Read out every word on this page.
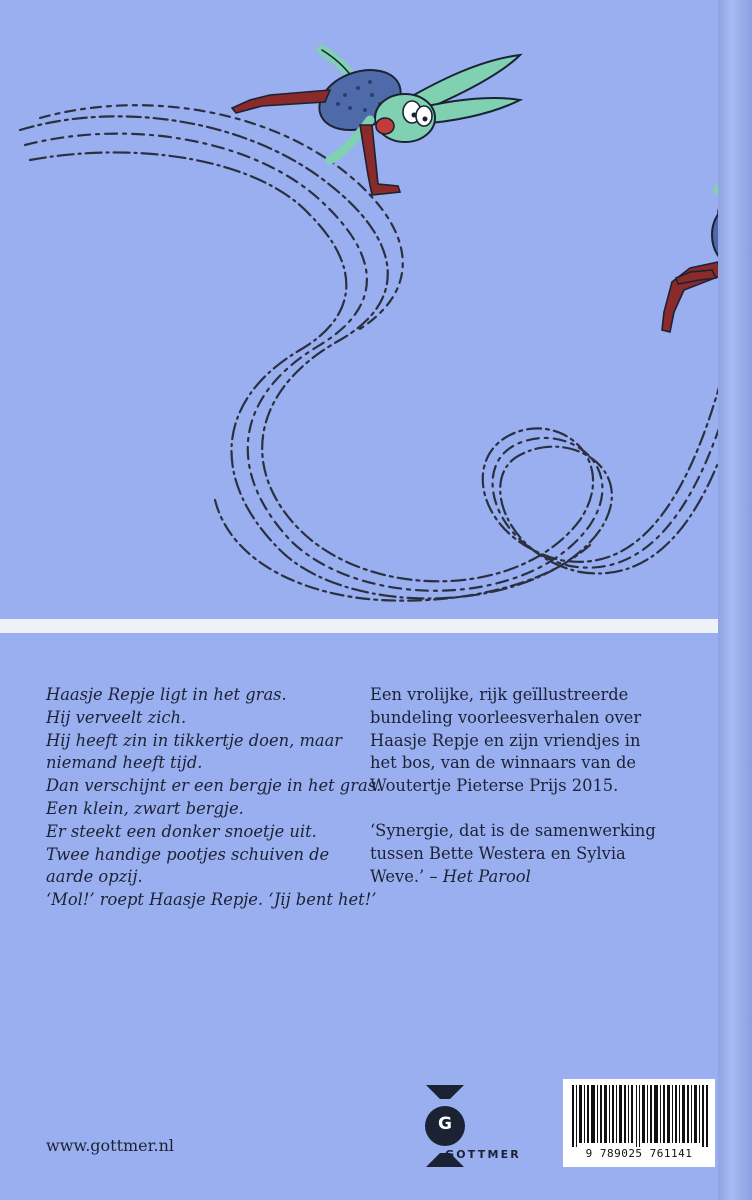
Haasje Repje ligt in het gras.
Hij verveelt zich.
Hij heeft zin in tikkertje doen, maar
niemand heeft tijd.
Dan verschijnt er een bergje in het gras.
Een klein, zwart bergje.
Er steekt een donker snoetje uit.
Twee handige pootjes schuiven de
aarde opzij.
‘Mol!’ roept Haasje Repje. ‘Jij bent het!’
Een vrolijke, rijk geïllustreerde
bundeling voorleesverhalen over
Haasje Repje en zijn vriendjes in
het bos, van de winnaars van de
Woutertje Pieterse Prijs 2015.
‘Synergie, dat is de samenwerking
tussen Bette Westera en Sylvia
Weve.’ – Het Parool
www.gottmer.nl
G
GOTTMER	9 789025 761141
